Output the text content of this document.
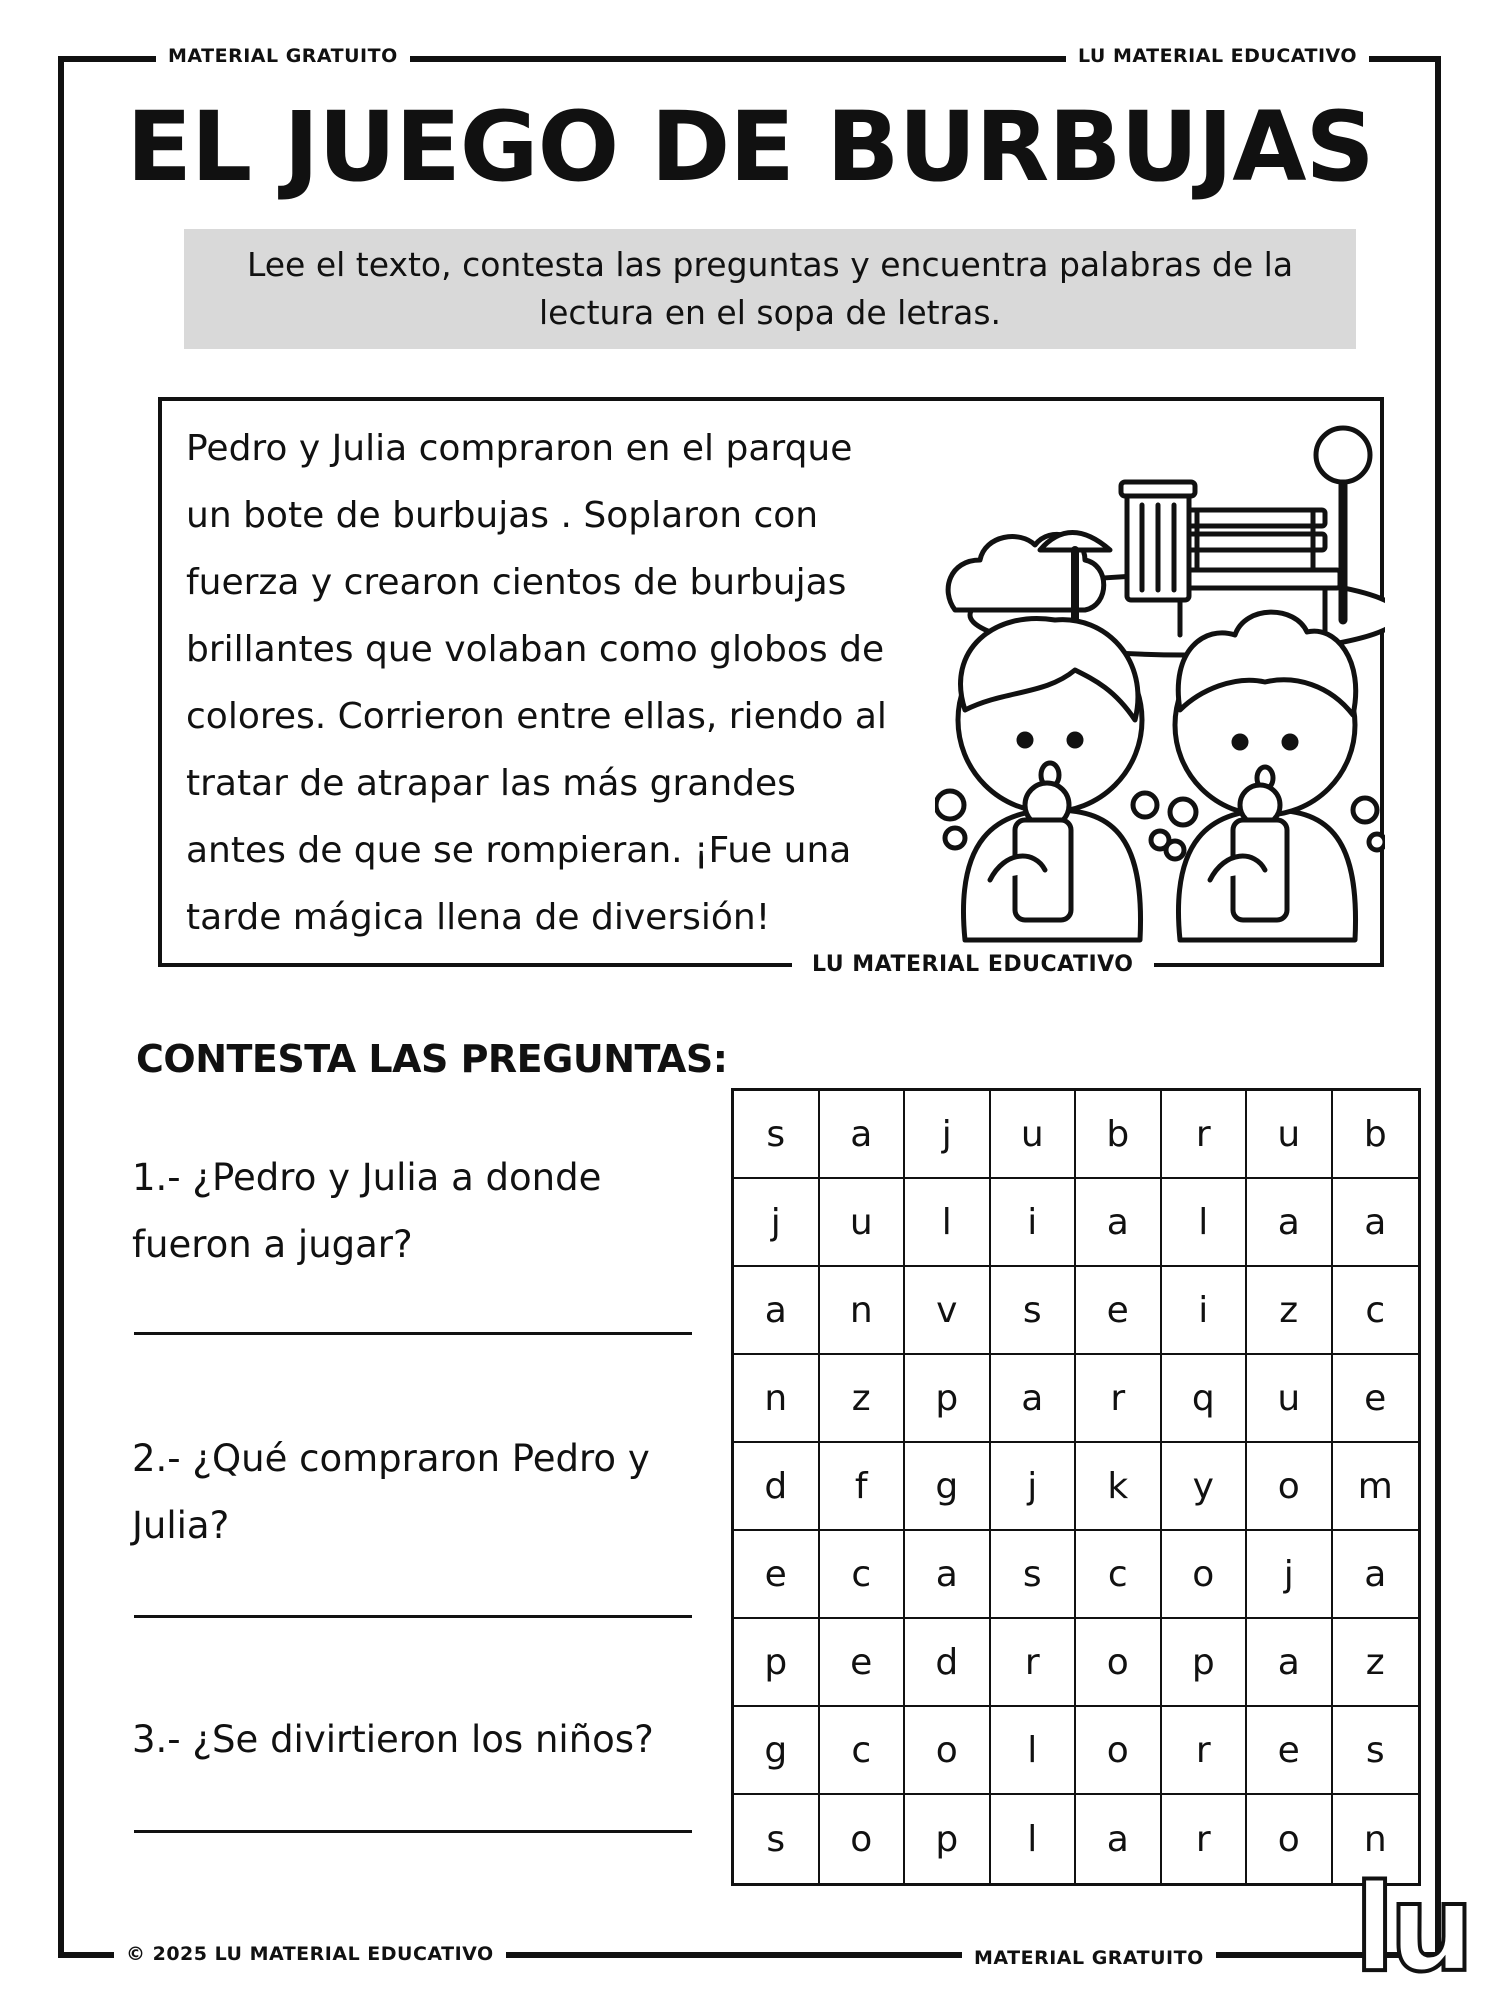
MATERIAL GRATUITO	LU MATERIAL EDUCATIVO
EL JUEGO DE BURBUJAS
Lee el texto, contesta las preguntas y encuentra palabras de la lectura en el sopa de letras.
Pedro y Julia compraron en el parque
un bote de burbujas . Soplaron con
fuerza y crearon cientos de burbujas
brillantes que volaban como globos de
colores. Corrieron entre ellas, riendo al
tratar de atrapar las más grandes
antes de que se rompieran. ¡Fue una
tarde mágica llena de diversión!
LU MATERIAL EDUCATIVO
CONTESTA LAS PREGUNTAS:
1.- ¿Pedro y Julia a donde
fueron a jugar?
2.- ¿Qué compraron Pedro y
Julia?
3.- ¿Se divirtieron los niños?
s	a	j	u	b	r	u	b
j	u	l	i	a	l	a	a
a	n	v	s	e	i	z	c
n	z	p	a	r	q	u	e
d	f	g	j	k	y	o	m
e	c	a	s	c	o	j	a
p	e	d	r	o	p	a	z
g	c	o	l	o	r	e	s
s	o	p	l	a	r	o	n
© 2025 LU MATERIAL EDUCATIVO	MATERIAL GRATUITO lu
